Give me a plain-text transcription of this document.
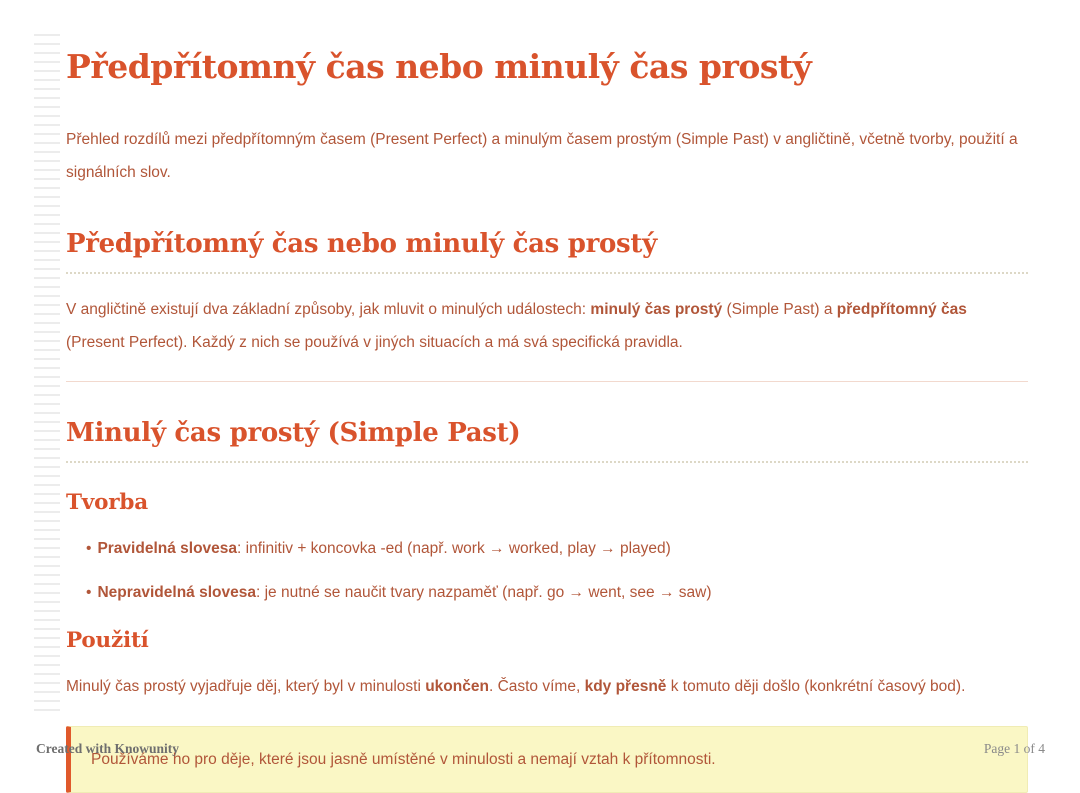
Předpřítomný čas nebo minulý čas prostý

Přehled rozdílů mezi předpřítomným časem (Present Perfect) a minulým časem prostým (Simple Past) v angličtině, včetně tvorby, použití a signálních slov.

Předpřítomný čas nebo minulý čas prostý

V angličtině existují dva základní způsoby, jak mluvit o minulých událostech: minulý čas prostý (Simple Past) a předpřítomný čas (Present Perfect). Každý z nich se používá v jiných situacích a má svá specifická pravidla.

Minulý čas prostý (Simple Past)
Tvorba
• Pravidelná slovesa: infinitiv + koncovka -ed (např. work → worked, play → played)
• Nepravidelná slovesa: je nutné se naučit tvary nazpaměť (např. go → went, see → saw)
Použití

Minulý čas prostý vyjadřuje děj, který byl v minulosti ukončen. Často víme, kdy přesně k tomuto ději došlo (konkrétní časový bod).

Používáme ho pro děje, které jsou jasně umístěné v minulosti a nemají vztah k přítomnosti.

Created with Knowunity	Page 1 of 4
